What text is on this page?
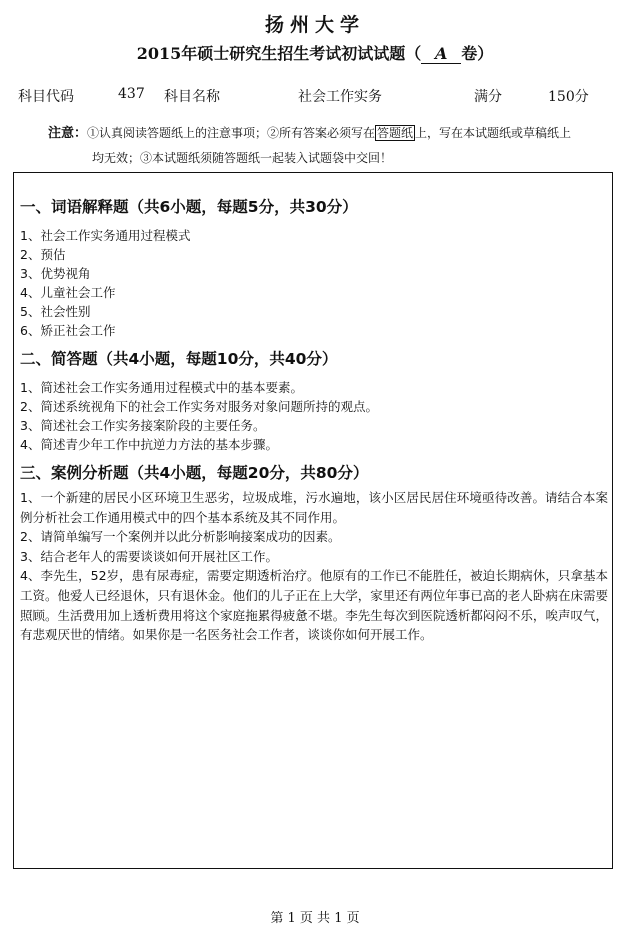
扬州大学
2015年硕士研究生招生考试初试试题（ A 卷）
科目代码	437 科目名称	社会工作实务	满分	150分
注意：①认真阅读答题纸上的注意事项；②所有答案必须写在 答题纸 上，写在本试题纸或草稿纸上
均无效；③本试题纸须随答题纸一起装入试题袋中交回！
一、词语解释题（共6小题，每题5分，共30分）

1、社会工作实务通用过程模式

2、预估

3、优势视角

4、儿童社会工作

5、社会性别

6、矫正社会工作

二、简答题（共4小题，每题10分，共40分）

1、简述社会工作实务通用过程模式中的基本要素。

2、简述系统视角下的社会工作实务对服务对象问题所持的观点。

3、简述社会工作实务接案阶段的主要任务。

4、简述青少年工作中抗逆力方法的基本步骤。

三、案例分析题（共4小题，每题20分，共80分）

1、一个新建的居民小区环境卫生恶劣，垃圾成堆，污水遍地，该小区居民居住环境亟待改善。请结合本案例分析社会工作通用模式中的四个基本系统及其不同作用。

2、请简单编写一个案例并以此分析影响接案成功的因素。

3、结合老年人的需要谈谈如何开展社区工作。

4、李先生，52岁，患有尿毒症，需要定期透析治疗。他原有的工作已不能胜任，被迫长期病休，只拿基本工资。他爱人已经退休，只有退休金。他们的儿子正在上大学，家里还有两位年事已高的老人卧病在床需要照顾。生活费用加上透析费用将这个家庭拖累得疲惫不堪。李先生每次到医院透析都闷闷不乐，唉声叹气，有悲观厌世的情绪。如果你是一名医务社会工作者，谈谈你如何开展工作。

第 1 页 共 1 页
